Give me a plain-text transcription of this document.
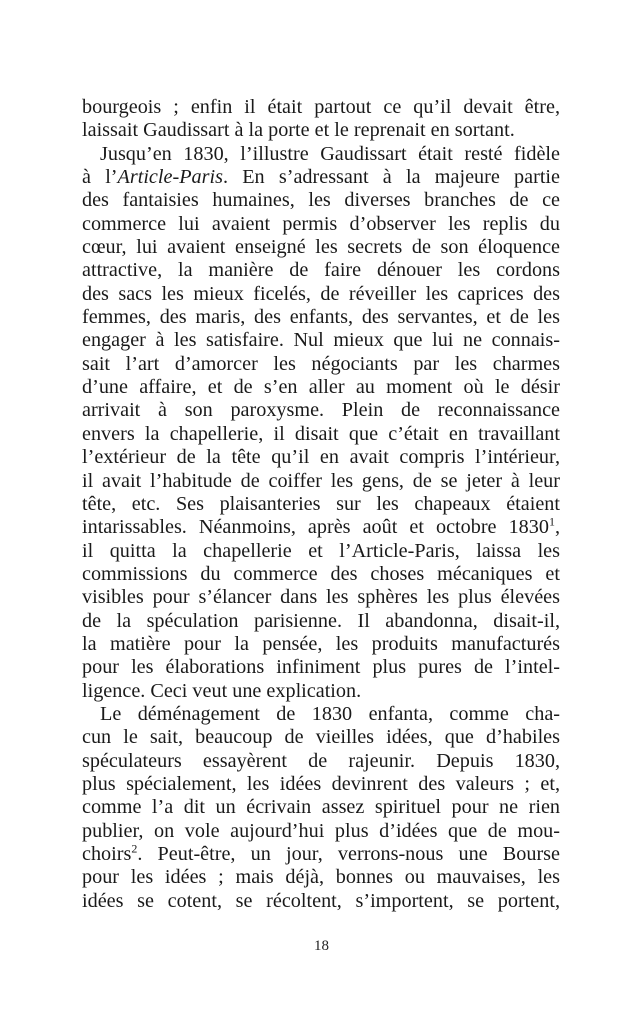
bourgeois ; enfin il était partout ce qu’il devait être,
laissait Gaudissart à la porte et le reprenait en sortant.
Jusqu’en 1830, l’illustre Gaudissart était resté fidèle
à l’Article-Paris. En s’adressant à la majeure partie
des fantaisies humaines, les diverses branches de ce
commerce lui avaient permis d’observer les replis du
cœur, lui avaient enseigné les secrets de son éloquence
attractive, la manière de faire dénouer les cordons
des sacs les mieux ficelés, de réveiller les caprices des
femmes, des maris, des enfants, des servantes, et de les
engager à les satisfaire. Nul mieux que lui ne connais-
sait l’art d’amorcer les négociants par les charmes
d’une affaire, et de s’en aller au moment où le désir
arrivait à son paroxysme. Plein de reconnaissance
envers la chapellerie, il disait que c’était en travaillant
l’extérieur de la tête qu’il en avait compris l’intérieur,
il avait l’habitude de coiffer les gens, de se jeter à leur
tête, etc. Ses plaisanteries sur les chapeaux étaient
intarissables. Néanmoins, après août et octobre 1830$^1$,
il quitta la chapellerie et l’Article-Paris, laissa les
commissions du commerce des choses mécaniques et
visibles pour s’élancer dans les sphères les plus élevées
de la spéculation parisienne. Il abandonna, disait-il,
la matière pour la pensée, les produits manufacturés
pour les élaborations infiniment plus pures de l’intel-
ligence. Ceci veut une explication.
Le déménagement de 1830 enfanta, comme cha-
cun le sait, beaucoup de vieilles idées, que d’habiles
spéculateurs essayèrent de rajeunir. Depuis 1830,
plus spécialement, les idées devinrent des valeurs ; et,
comme l’a dit un écrivain assez spirituel pour ne rien
publier, on vole aujourd’hui plus d’idées que de mou-
choirs$^2$. Peut-être, un jour, verrons-nous une Bourse
pour les idées ; mais déjà, bonnes ou mauvaises, les
idées se cotent, se récoltent, s’importent, se portent,
18
